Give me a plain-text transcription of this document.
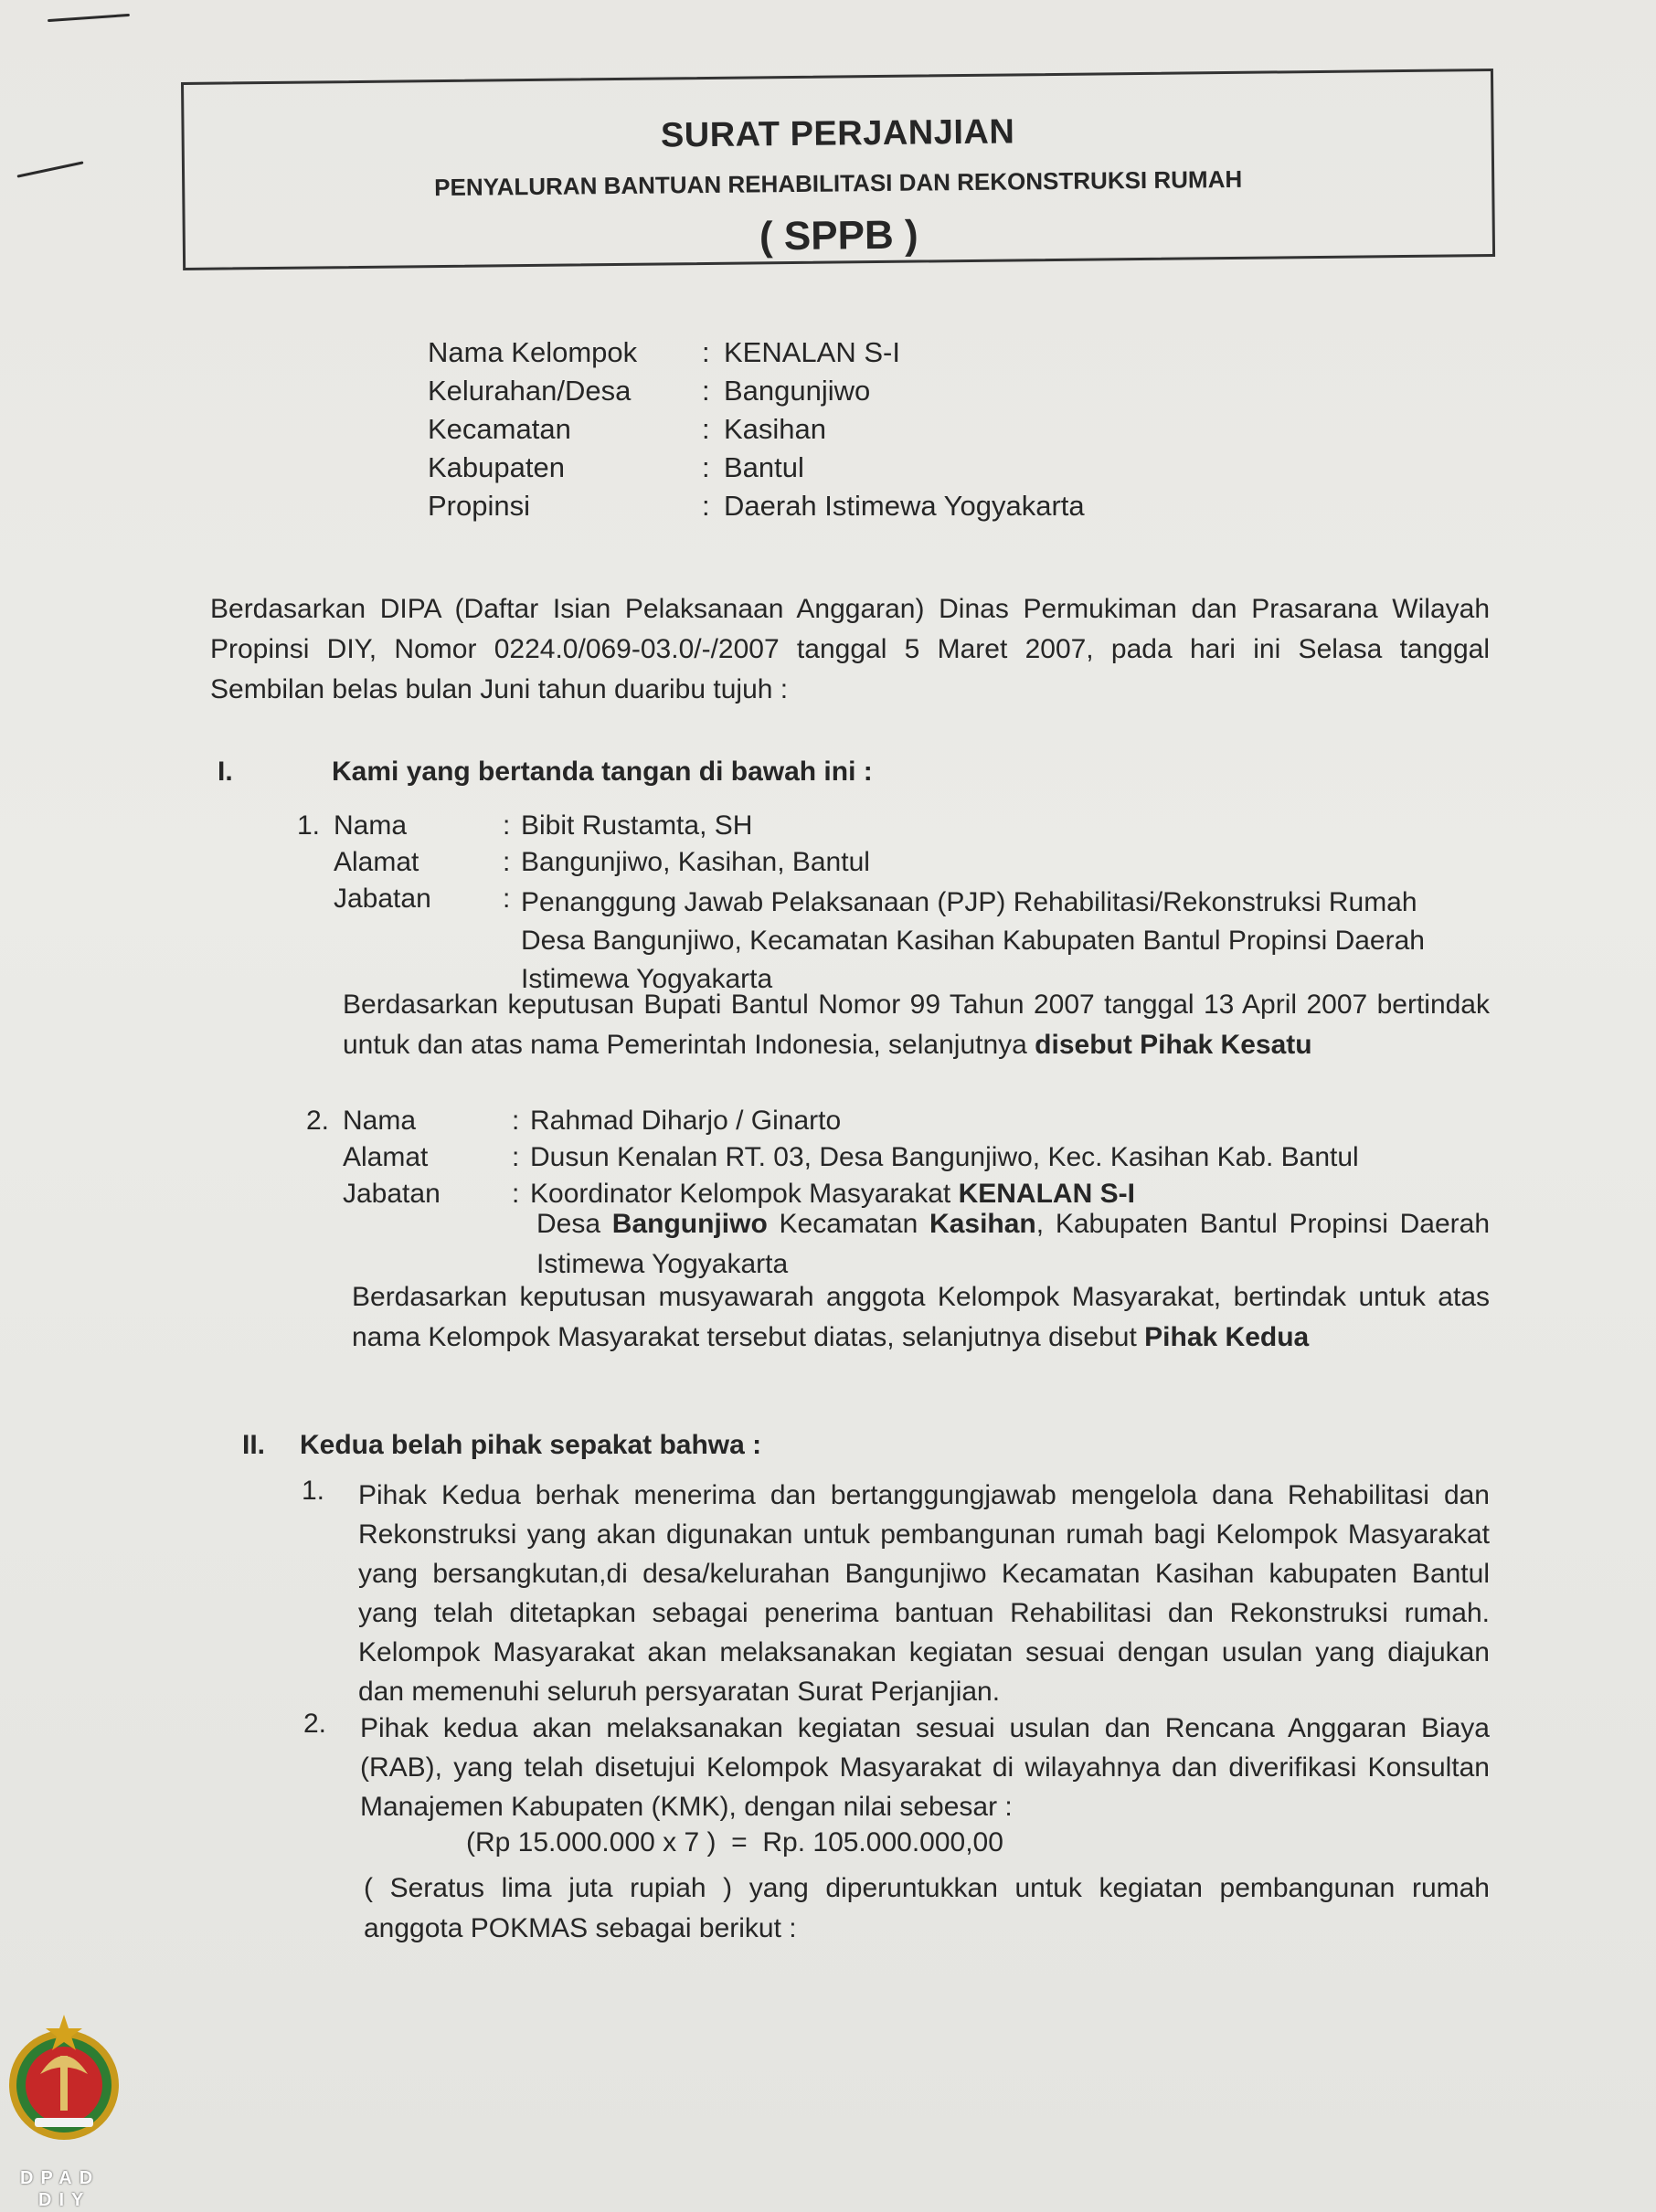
SURAT PERJANJIAN
PENYALURAN BANTUAN REHABILITASI DAN REKONSTRUKSI RUMAH
( SPPB )
Nama Kelompok	: KENALAN S-I
Kelurahan/Desa	: Bangunjiwo
Kecamatan	: Kasihan
Kabupaten	: Bantul
Propinsi	: Daerah Istimewa Yogyakarta
Berdasarkan DIPA (Daftar Isian Pelaksanaan Anggaran) Dinas Permukiman dan Prasarana Wilayah Propinsi DIY, Nomor 0224.0/069-03.0/-/2007 tanggal 5 Maret 2007, pada hari ini Selasa tanggal Sembilan belas bulan Juni tahun duaribu tujuh :
I.	Kami yang bertanda tangan di bawah ini :
1. Nama	: Bibit Rustamta, SH
Alamat	: Bangunjiwo, Kasihan, Bantul
Jabatan	: Penanggung Jawab Pelaksanaan (PJP) Rehabilitasi/Rekonstruksi Rumah Desa Bangunjiwo, Kecamatan Kasihan Kabupaten Bantul Propinsi Daerah Istimewa Yogyakarta
Berdasarkan keputusan Bupati Bantul Nomor 99 Tahun 2007 tanggal 13 April 2007 bertindak untuk dan atas nama Pemerintah Indonesia, selanjutnya disebut Pihak Kesatu
2. Nama	: Rahmad Diharjo / Ginarto
Alamat	: Dusun Kenalan RT. 03, Desa Bangunjiwo, Kec. Kasihan Kab. Bantul
Jabatan	: Koordinator Kelompok Masyarakat KENALAN S-I
Desa Bangunjiwo Kecamatan Kasihan, Kabupaten Bantul Propinsi Daerah Istimewa Yogyakarta
Berdasarkan keputusan musyawarah anggota Kelompok Masyarakat, bertindak untuk atas nama Kelompok Masyarakat tersebut diatas, selanjutnya disebut Pihak Kedua
II. Kedua belah pihak sepakat bahwa :
1.	Pihak Kedua berhak menerima dan bertanggungjawab mengelola dana Rehabilitasi dan Rekonstruksi yang akan digunakan untuk pembangunan rumah bagi Kelompok Masyarakat yang bersangkutan,di desa/kelurahan Bangunjiwo Kecamatan Kasihan kabupaten Bantul yang telah ditetapkan sebagai penerima bantuan Rehabilitasi dan Rekonstruksi rumah. Kelompok Masyarakat akan melaksanakan kegiatan sesuai dengan usulan yang diajukan dan memenuhi seluruh persyaratan Surat Perjanjian.
2.	Pihak kedua akan melaksanakan kegiatan sesuai usulan dan Rencana Anggaran Biaya (RAB), yang telah disetujui Kelompok Masyarakat di wilayahnya dan diverifikasi Konsultan Manajemen Kabupaten (KMK), dengan nilai sebesar :
(Rp 15.000.000 x 7 )  =  Rp. 105.000.000,00
( Seratus lima juta rupiah ) yang diperuntukkan untuk kegiatan pembangunan rumah anggota POKMAS sebagai berikut :
DPAD
DIY
